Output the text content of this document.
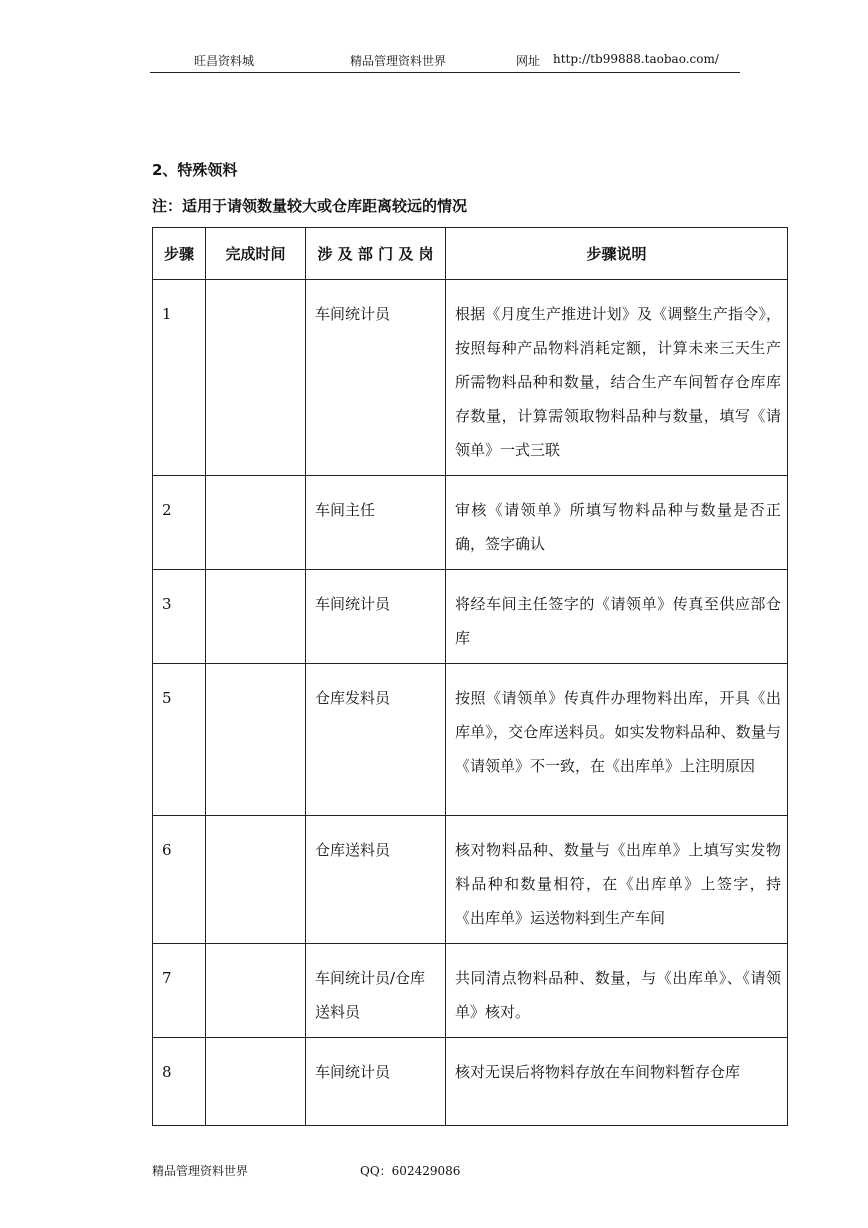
旺昌资料城	精品管理资料世界	网址 http://tb99888.taobao.com/
2、特殊领料
注：适用于请领数量较大或仓库距离较远的情况
步骤	完成时间	涉 及 部 门 及 岗	步骤说明
1		车间统计员	根据《月度生产推进计划》及《调整生产指令》，按照每种产品物料消耗定额，计算未来三天生产所需物料品种和数量，结合生产车间暂存仓库库存数量，计算需领取物料品种与数量，填写《请领单》一式三联
2		车间主任	审核《请领单》所填写物料品种与数量是否正确，签字确认
3		车间统计员	将经车间主任签字的《请领单》传真至供应部仓库
5		仓库发料员	按照《请领单》传真件办理物料出库，开具《出库单》，交仓库送料员。如实发物料品种、数量与《请领单》不一致，在《出库单》上注明原因
6		仓库送料员	核对物料品种、数量与《出库单》上填写实发物料品种和数量相符，在《出库单》上签字，持《出库单》运送物料到生产车间
7		车间统计员/仓库送料员	共同清点物料品种、数量，与《出库单》、《请领单》核对。
8		车间统计员	核对无误后将物料存放在车间物料暂存仓库
精品管理资料世界	QQ：602429086
